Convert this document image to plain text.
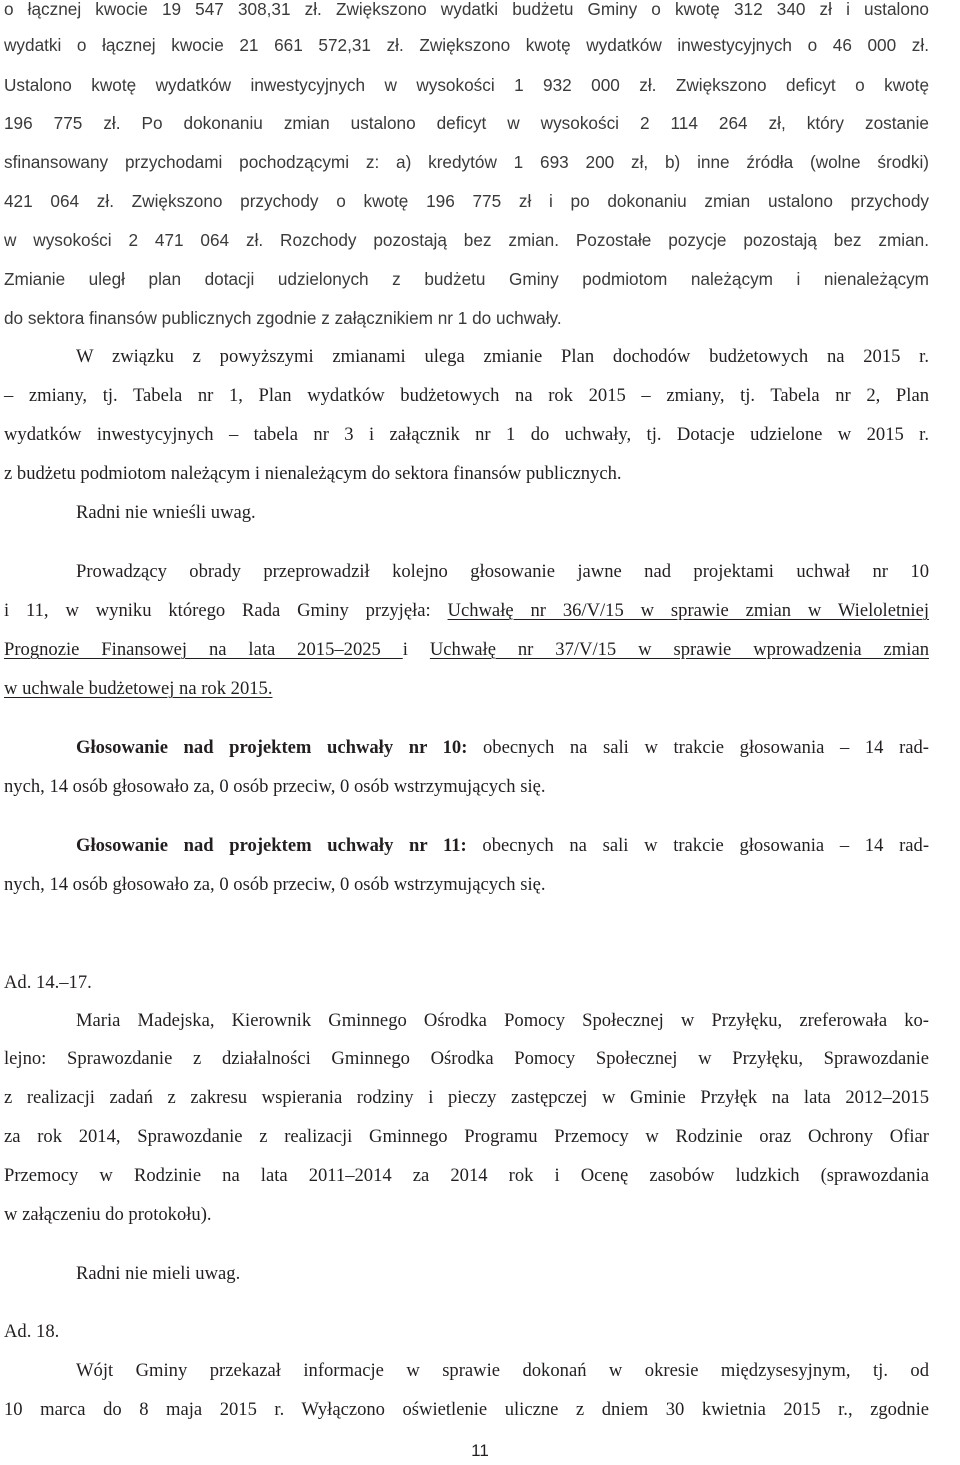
o łącznej kwocie 19 547 308,31 zł. Zwiększono wydatki budżetu Gminy o kwotę 312 340 zł i ustalono
wydatki o łącznej kwocie 21 661 572,31 zł. Zwiększono kwotę wydatków inwestycyjnych o 46 000 zł.
Ustalono kwotę wydatków inwestycyjnych w wysokości 1 932 000 zł. Zwiększono deficyt o kwotę
196 775 zł. Po dokonaniu zmian ustalono deficyt w wysokości 2 114 264 zł, który zostanie
sfinansowany przychodami pochodzącymi z: a) kredytów 1 693 200 zł, b) inne źródła (wolne środki)
421 064 zł. Zwiększono przychody o kwotę 196 775 zł i po dokonaniu zmian ustalono przychody
w wysokości 2 471 064 zł. Rozchody pozostają bez zmian. Pozostałe pozycje pozostają bez zmian.
Zmianie uległ plan dotacji udzielonych z budżetu Gminy podmiotom należącym i nienależącym
do sektora finansów publicznych zgodnie z załącznikiem nr 1 do uchwały.
W związku z powyższymi zmianami ulega zmianie Plan dochodów budżetowych na 2015 r.
– zmiany, tj. Tabela nr 1, Plan wydatków budżetowych na rok 2015 – zmiany, tj. Tabela nr 2, Plan
wydatków inwestycyjnych – tabela nr 3 i załącznik nr 1 do uchwały, tj. Dotacje udzielone w 2015 r.
z budżetu podmiotom należącym i nienależącym do sektora finansów publicznych.
Radni nie wnieśli uwag.
Prowadzący obrady przeprowadził kolejno głosowanie jawne nad projektami uchwał nr 10
i 11, w wyniku którego Rada Gminy przyjęła: Uchwałę nr 36/V/15 w sprawie zmian w Wieloletniej
Prognozie Finansowej na lata 2015–2025 i Uchwałę nr 37/V/15 w sprawie wprowadzenia zmian
w uchwale budżetowej na rok 2015.
Głosowanie nad projektem uchwały nr 10: obecnych na sali w trakcie głosowania – 14 rad-
nych, 14 osób głosowało za, 0 osób przeciw, 0 osób wstrzymujących się.
Głosowanie nad projektem uchwały nr 11: obecnych na sali w trakcie głosowania – 14 rad-
nych, 14 osób głosowało za, 0 osób przeciw, 0 osób wstrzymujących się.
Ad. 14.–17.
Maria Madejska, Kierownik Gminnego Ośrodka Pomocy Społecznej w Przyłęku, zreferowała ko-
lejno: Sprawozdanie z działalności Gminnego Ośrodka Pomocy Społecznej w Przyłęku, Sprawozdanie
z realizacji zadań z zakresu wspierania rodziny i pieczy zastępczej w Gminie Przyłęk na lata 2012–2015
za rok 2014, Sprawozdanie z realizacji Gminnego Programu Przemocy w Rodzinie oraz Ochrony Ofiar
Przemocy w Rodzinie na lata 2011–2014 za 2014 rok i Ocenę zasobów ludzkich (sprawozdania
w załączeniu do protokołu).
Radni nie mieli uwag.
Ad. 18.
Wójt Gminy przekazał informacje w sprawie dokonań w okresie międzysesyjnym, tj. od
10 marca do 8 maja 2015 r. Wyłączono oświetlenie uliczne z dniem 30 kwietnia 2015 r., zgodnie
11
